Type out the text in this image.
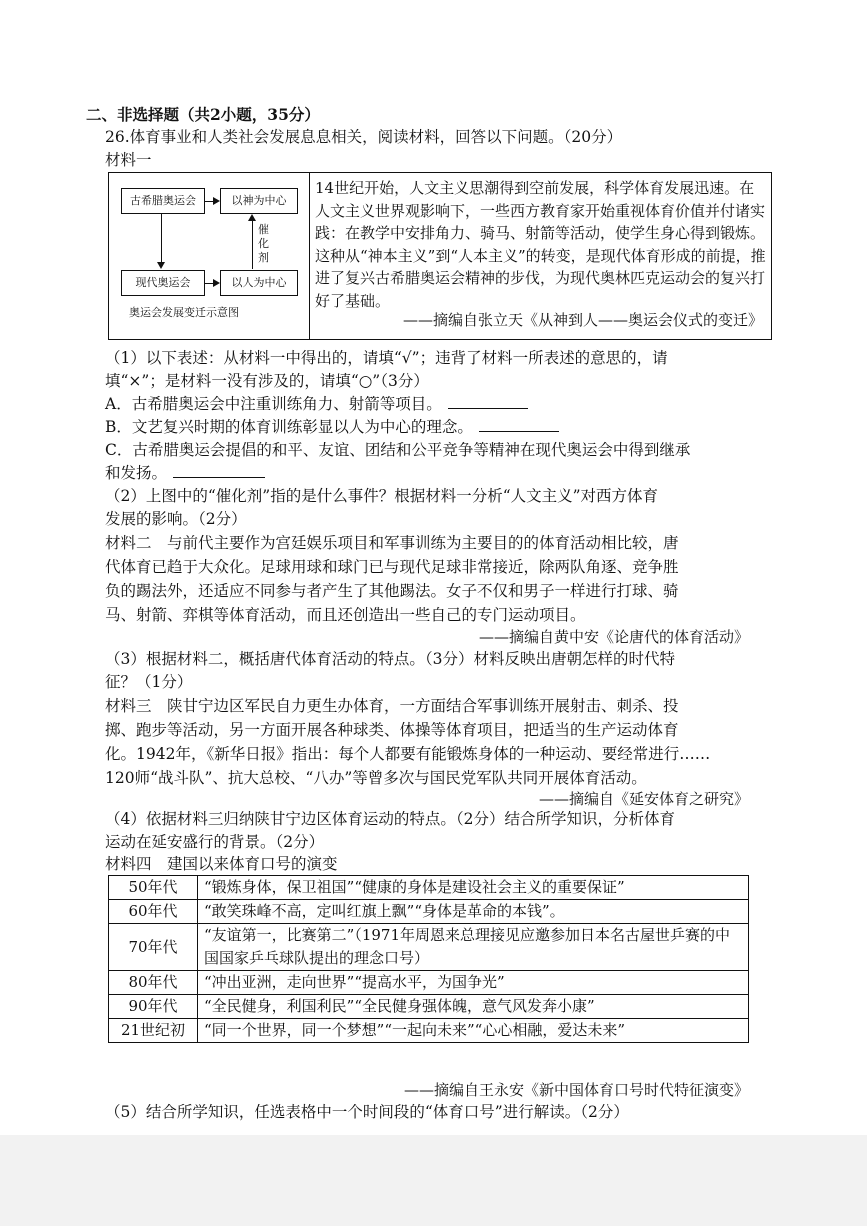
二、非选择题（共2小题，35分）
26.体育事业和人类社会发展息息相关，阅读材料，回答以下问题。（20分）
材料一
古希腊奥运会	以神为中心
现代奥运会	以人为中心
催化剂
奥运会发展变迁示意图
14世纪开始，人文主义思潮得到空前发展，科学体育发展迅速。在人文主义世界观影响下，一些西方教育家开始重视体育价值并付诸实践：在教学中安排角力、骑马、射箭等活动，使学生身心得到锻炼。这种从“神本主义”到“人本主义”的转变，是现代体育形成的前提，推进了复兴古希腊奥运会精神的步伐，为现代奥林匹克运动会的复兴打好了基础。
——摘编自张立天《从神到人——奥运会仪式的变迁》
（1）以下表述：从材料一中得出的，请填“√”；违背了材料一所表述的意思的，请
填“×”；是材料一没有涉及的，请填“○”（3分）
A．古希腊奥运会中注重训练角力、射箭等项目。
B．文艺复兴时期的体育训练彰显以人为中心的理念。
C．古希腊奥运会提倡的和平、友谊、团结和公平竞争等精神在现代奥运会中得到继承
和发扬。
（2）上图中的“催化剂”指的是什么事件？根据材料一分析“人文主义”对西方体育
发展的影响。（2分）
材料二　与前代主要作为宫廷娱乐项目和军事训练为主要目的的体育活动相比较，唐
代体育已趋于大众化。足球用球和球门已与现代足球非常接近，除两队角逐、竞争胜
负的踢法外，还适应不同参与者产生了其他踢法。女子不仅和男子一样进行打球、骑
马、射箭、弈棋等体育活动，而且还创造出一些自己的专门运动项目。
——摘编自黄中安《论唐代的体育活动》
（3）根据材料二，概括唐代体育活动的特点。（3分）材料反映出唐朝怎样的时代特
征？（1分）
材料三　陕甘宁边区军民自力更生办体育，一方面结合军事训练开展射击、刺杀、投
掷、跑步等活动，另一方面开展各种球类、体操等体育项目，把适当的生产运动体育
化。1942年，《新华日报》指出：每个人都要有能锻炼身体的一种运动、要经常进行……
120师“战斗队”、抗大总校、“八办”等曾多次与国民党军队共同开展体育活动。
——摘编自《延安体育之研究》
（4）依据材料三归纳陕甘宁边区体育运动的特点。（2分）结合所学知识，分析体育
运动在延安盛行的背景。（2分）
材料四　建国以来体育口号的演变
50年代	“锻炼身体，保卫祖国”“健康的身体是建设社会主义的重要保证”
60年代	“敢笑珠峰不高，定叫红旗上飘”“身体是革命的本钱”。
70年代	“友谊第一，比赛第二”（1971年周恩来总理接见应邀参加日本名古屋世乒赛的中国国家乒乓球队提出的理念口号）
80年代	“冲出亚洲，走向世界”“提高水平，为国争光”
90年代	“全民健身，利国利民”“全民健身强体魄，意气风发奔小康”
21世纪初	“同一个世界，同一个梦想”“一起向未来”“心心相融，爱达未来”
——摘编自王永安《新中国体育口号时代特征演变》
（5）结合所学知识，任选表格中一个时间段的“体育口号”进行解读。（2分）
